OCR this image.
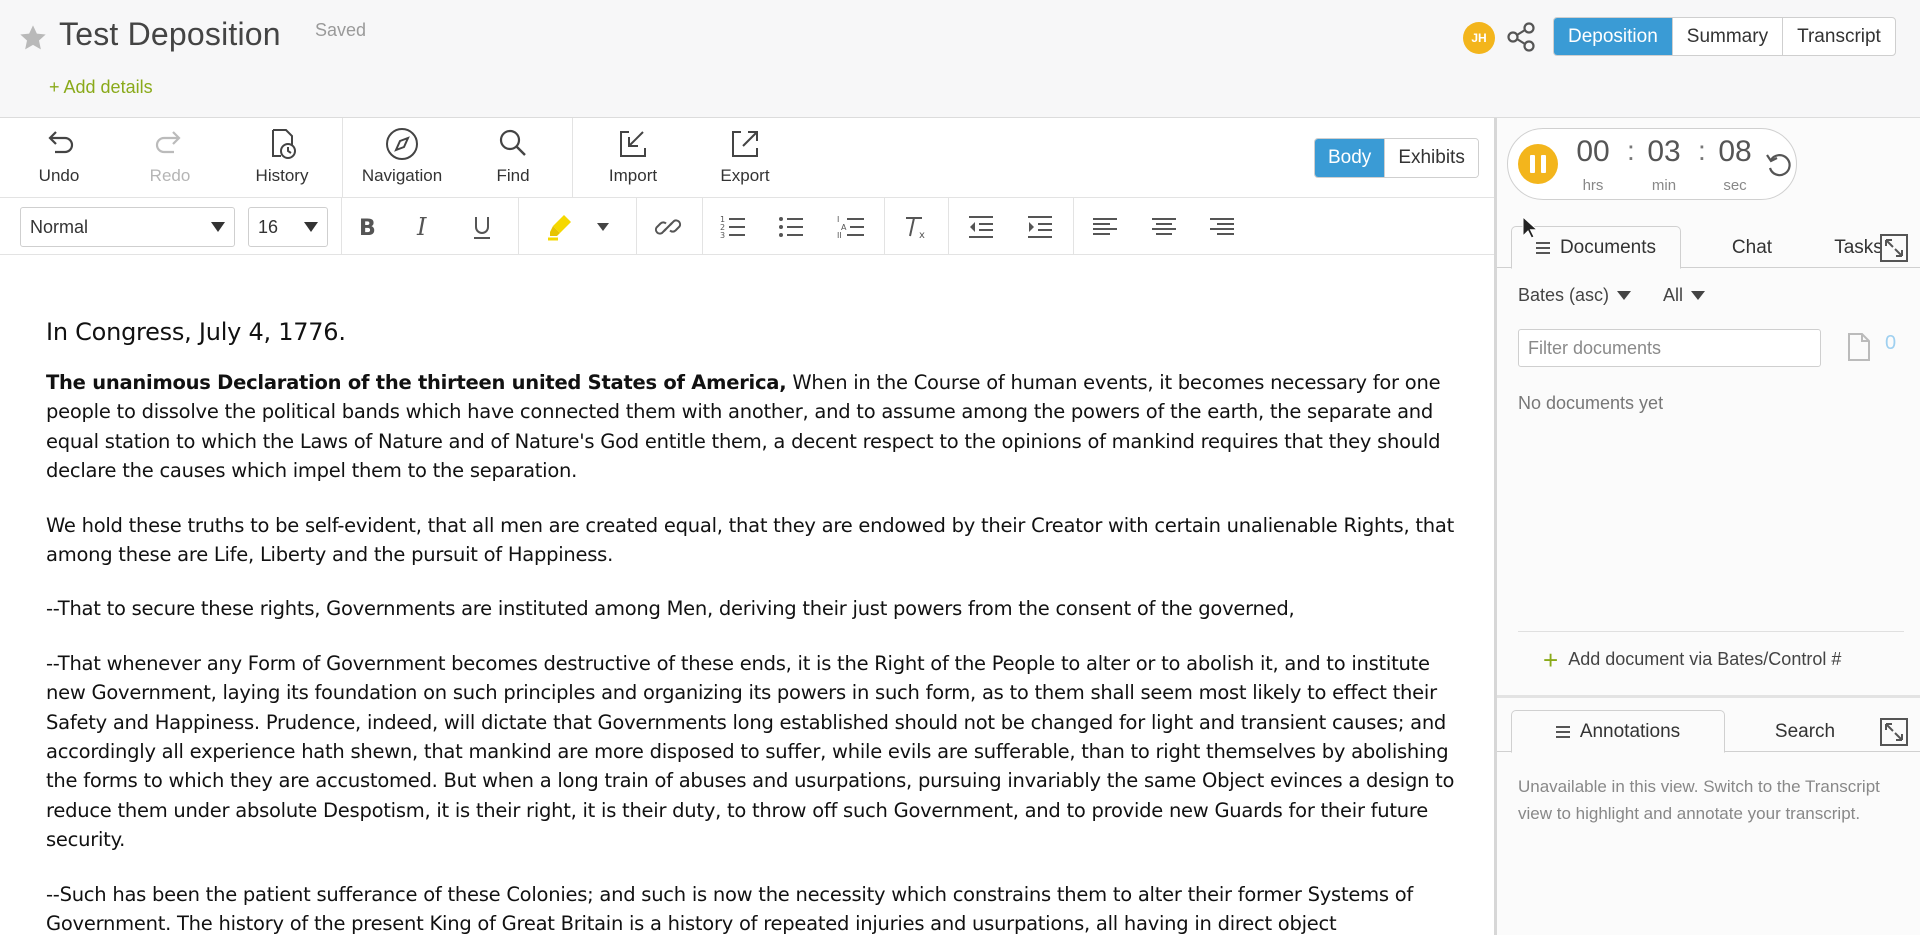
Test Deposition Saved
+ Add details
JH	Deposition	Summary	Transcript
Undo	Redo	History	Navigation	Find	Import	Export
Body	Exhibits
Normal	16	B I	1
2
3
I
A
II	x
In Congress, July 4, 1776.

The unanimous Declaration of the thirteen united States of America, When in the Course of human events, it becomes necessary for one people to dissolve the political bands which have connected them with another, and to assume among the powers of the earth, the separate and equal station to which the Laws of Nature and of Nature's God entitle them, a decent respect to the opinions of mankind requires that they should declare the causes which impel them to the separation.

We hold these truths to be self-evident, that all men are created equal, that they are endowed by their Creator with certain unalienable Rights, that among these are Life, Liberty and the pursuit of Happiness.

--That to secure these rights, Governments are instituted among Men, deriving their just powers from the consent of the governed,

--That whenever any Form of Government becomes destructive of these ends, it is the Right of the People to alter or to abolish it, and to institute new Government, laying its foundation on such principles and organizing its powers in such form, as to them shall seem most likely to effect their Safety and Happiness. Prudence, indeed, will dictate that Governments long established should not be changed for light and transient causes; and accordingly all experience hath shewn, that mankind are more disposed to suffer, while evils are sufferable, than to right themselves by abolishing the forms to which they are accustomed. But when a long train of abuses and usurpations, pursuing invariably the same Object evinces a design to reduce them under absolute Despotism, it is their right, it is their duty, to throw off such Government, and to provide new Guards for their future security.

--Such has been the patient sufferance of these Colonies; and such is now the necessity which constrains them to alter their former Systems of Government. The history of the present King of Great Britain is a history of repeated injuries and usurpations, all having in direct object

00 : 03 : 08
hrs	min	sec
Documents	Chat	Tasks
Bates (asc)	All
Filter documents
0
No documents yet
+ Add document via Bates/Control #
Annotations	Search
Unavailable in this view. Switch to the Transcript view to highlight and annotate your transcript.
